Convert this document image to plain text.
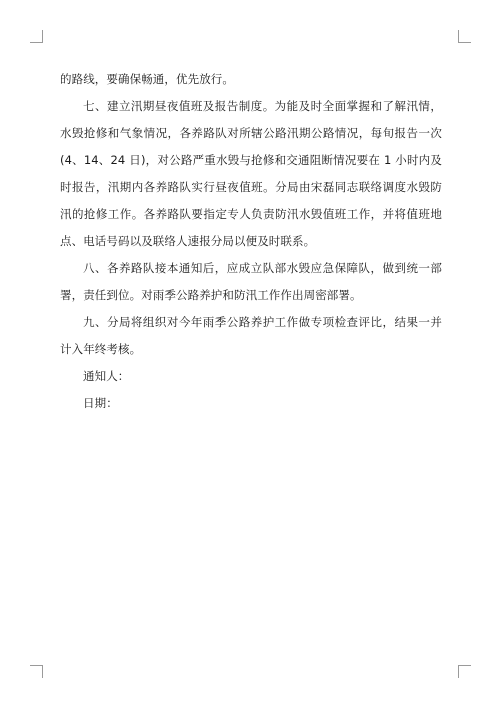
的路线，要确保畅通，优先放行。

七、建立汛期昼夜值班及报告制度。为能及时全面掌握和了解汛情，水毁抢修和气象情况，各养路队对所辖公路汛期公路情况，每旬报告一次(4、14、24 日)，对公路严重水毁与抢修和交通阻断情况要在 1 小时内及时报告，汛期内各养路队实行昼夜值班。分局由宋磊同志联络调度水毁防汛的抢修工作。各养路队要指定专人负责防汛水毁值班工作，并将值班地点、电话号码以及联络人速报分局以便及时联系。

八、各养路队接本通知后，应成立队部水毁应急保障队，做到统一部署，责任到位。对雨季公路养护和防汛工作作出周密部署。

九、分局将组织对今年雨季公路养护工作做专项检查评比，结果一并计入年终考核。

通知人：

日期：
